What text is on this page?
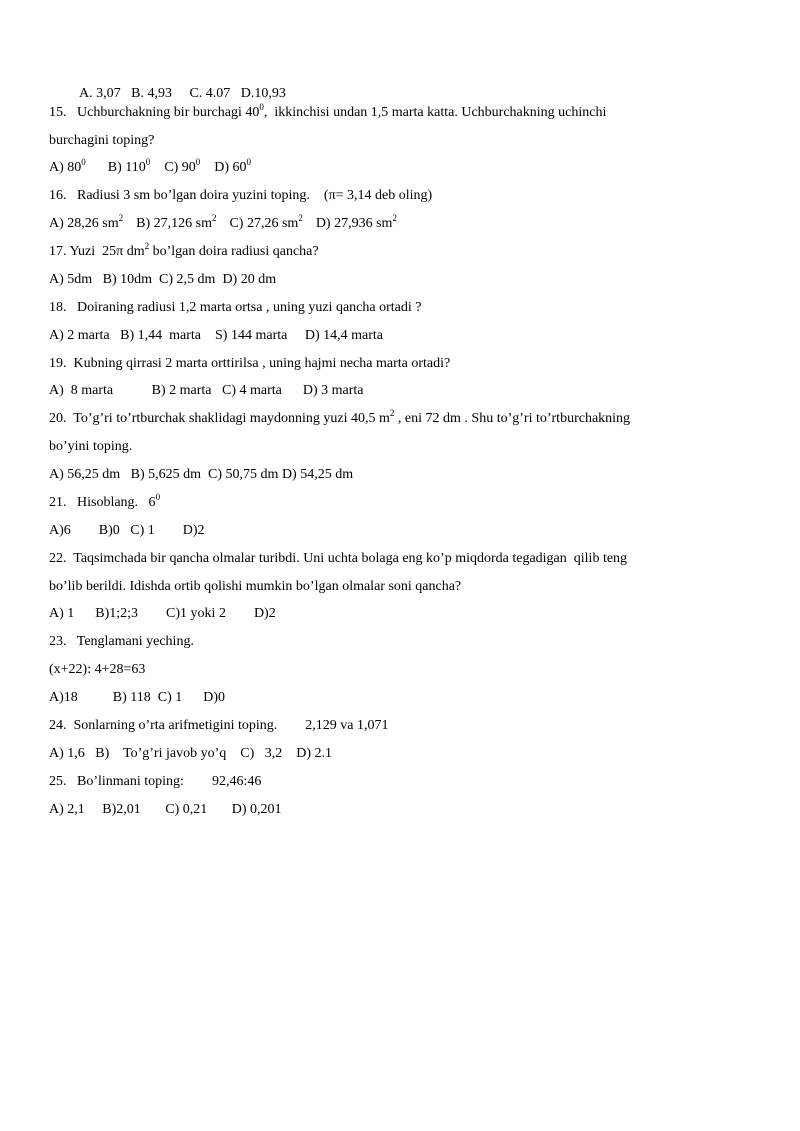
A. 3,07   B. 4,93     C. 4.07   D.10,93
15.   Uchburchakning bir burchagi $40^0$,  ikkinchisi undan 1,5 marta katta. Uchburchakning uchinchi
burchagini toping?
A) $80^0$ B) $110^0$ C) $90^0$ D) $60^0$
16.   Radiusi 3 sm bo’lgan doira yuzini toping.    (π= 3,14 deb oling)
A) 28,26 $sm^2$ B) 27,126 $sm^2$ C) 27,26 $sm^2$ D) 27,936 $sm^2$
17. Yuzi  25π $dm^2$ bo’lgan doira radiusi qancha?
A) 5dm   B) 10dm  C) 2,5 dm  D) 20 dm
18.   Doiraning radiusi 1,2 marta ortsa , uning yuzi qancha ortadi ?
A) 2 marta   B) 1,44  marta    S) 144 marta     D) 14,4 marta
19.  Kubning qirrasi 2 marta orttirilsa , uning hajmi necha marta ortadi?
A)  8 marta           B) 2 marta   C) 4 marta      D) 3 marta
20.  To’g’ri to’rtburchak shaklidagi maydonning yuzi 40,5 $m^2$ , eni 72 dm . Shu to’g’ri to’rtburchakning
bo’yini toping.
A) 56,25 dm   B) 5,625 dm  C) 50,75 dm D) 54,25 dm
21.   Hisoblang.   $6^0$
A)6        B)0   C) 1        D)2
22.  Taqsimchada bir qancha olmalar turibdi. Uni uchta bolaga eng ko’p miqdorda tegadigan  qilib teng
bo’lib berildi. Idishda ortib qolishi mumkin bo’lgan olmalar soni qancha?
A) 1      B)1;2;3        C)1 yoki 2        D)2
23.   Tenglamani yeching.
(x+22): 4+28=63
A)18          B) 118  C) 1      D)0
24.  Sonlarning o’rta arifmetigini toping.        2,129 va 1,071
A) 1,6   B)    To’g’ri javob yo’q    C)   3,2    D) 2.1
25.   Bo’linmani toping:        92,46:46
A) 2,1     B)2,01       C) 0,21       D) 0,201
